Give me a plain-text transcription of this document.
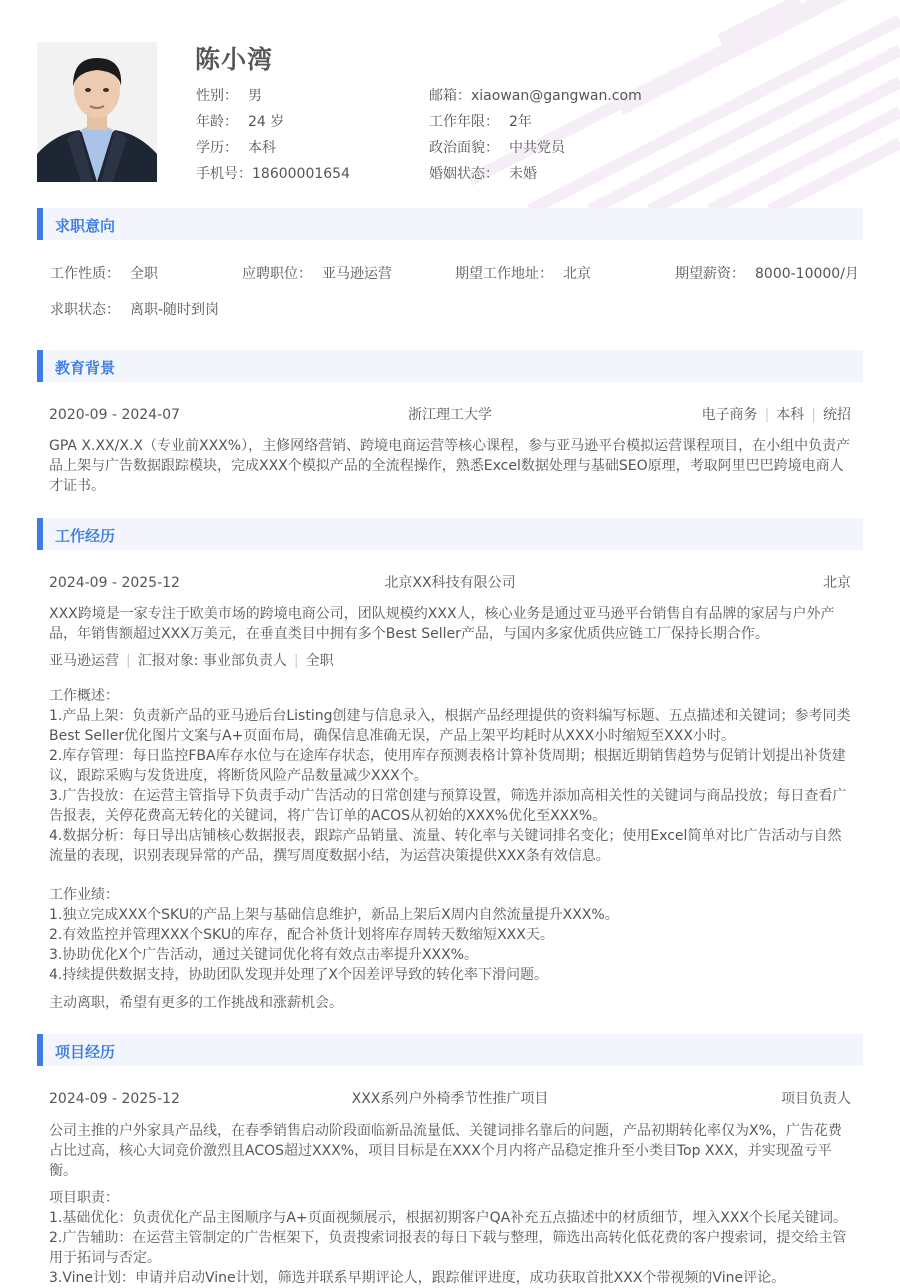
陈小湾
性别： 男
年龄： 24 岁
学历： 本科
手机号：18600001654
邮箱：xiaowan@gangwan.com
工作年限： 2年
政治面貌： 中共党员
婚姻状态： 未婚
求职意向
工作性质： 全职	应聘职位： 亚马逊运营	期望工作地址： 北京	期望薪资： 8000-10000/月
求职状态： 离职-随时到岗
教育背景
2020-09 - 2024-07	浙江理工大学	电子商务 | 本科 | 统招
GPA X.XX/X.X（专业前XXX%），主修网络营销、跨境电商运营等核心课程，参与亚马逊平台模拟运营课程项目，在小组中负责产品上架与广告数据跟踪模块，完成XXX个模拟产品的全流程操作，熟悉Excel数据处理与基础SEO原理，考取阿里巴巴跨境电商人才证书。
工作经历
2024-09 - 2025-12	北京XX科技有限公司	北京
XXX跨境是一家专注于欧美市场的跨境电商公司，团队规模约XXX人，核心业务是通过亚马逊平台销售自有品牌的家居与户外产品，年销售额超过XXX万美元，在垂直类目中拥有多个Best Seller产品，与国内多家优质供应链工厂保持长期合作。
亚马逊运营 | 汇报对象: 事业部负责人 | 全职
工作概述：
1.产品上架：负责新产品的亚马逊后台Listing创建与信息录入，根据产品经理提供的资料编写标题、五点描述和关键词；参考同类Best Seller优化图片文案与A+页面布局，确保信息准确无误，产品上架平均耗时从XXX小时缩短至XXX小时。
2.库存管理：每日监控FBA库存水位与在途库存状态，使用库存预测表格计算补货周期；根据近期销售趋势与促销计划提出补货建议，跟踪采购与发货进度，将断货风险产品数量减少XXX个。
3.广告投放：在运营主管指导下负责手动广告活动的日常创建与预算设置，筛选并添加高相关性的关键词与商品投放；每日查看广告报表，关停花费高无转化的关键词，将广告订单的ACOS从初始的XXX%优化至XXX%。
4.数据分析：每日导出店铺核心数据报表，跟踪产品销量、流量、转化率与关键词排名变化；使用Excel简单对比广告活动与自然流量的表现，识别表现异常的产品，撰写周度数据小结，为运营决策提供XXX条有效信息。
工作业绩：
1.独立完成XXX个SKU的产品上架与基础信息维护，新品上架后X周内自然流量提升XXX%。
2.有效监控并管理XXX个SKU的库存，配合补货计划将库存周转天数缩短XXX天。
3.协助优化X个广告活动，通过关键词优化将有效点击率提升XXX%。
4.持续提供数据支持，协助团队发现并处理了X个因差评导致的转化率下滑问题。
主动离职，希望有更多的工作挑战和涨薪机会。
项目经历
2024-09 - 2025-12	XXX系列户外椅季节性推广项目	项目负责人
公司主推的户外家具产品线，在春季销售启动阶段面临新品流量低、关键词排名靠后的问题，产品初期转化率仅为X%，广告花费占比过高，核心大词竞价激烈且ACOS超过XXX%，项目目标是在XXX个月内将产品稳定推升至小类目Top XXX，并实现盈亏平衡。
项目职责：
1.基础优化：负责优化产品主图顺序与A+页面视频展示，根据初期客户QA补充五点描述中的材质细节，埋入XXX个长尾关键词。
2.广告辅助：在运营主管制定的广告框架下，负责搜索词报表的每日下载与整理，筛选出高转化低花费的客户搜索词，提交给主管用于拓词与否定。
3.Vine计划：申请并启动Vine计划，筛选并联系早期评论人，跟踪催评进度，成功获取首批XXX个带视频的Vine评论。
